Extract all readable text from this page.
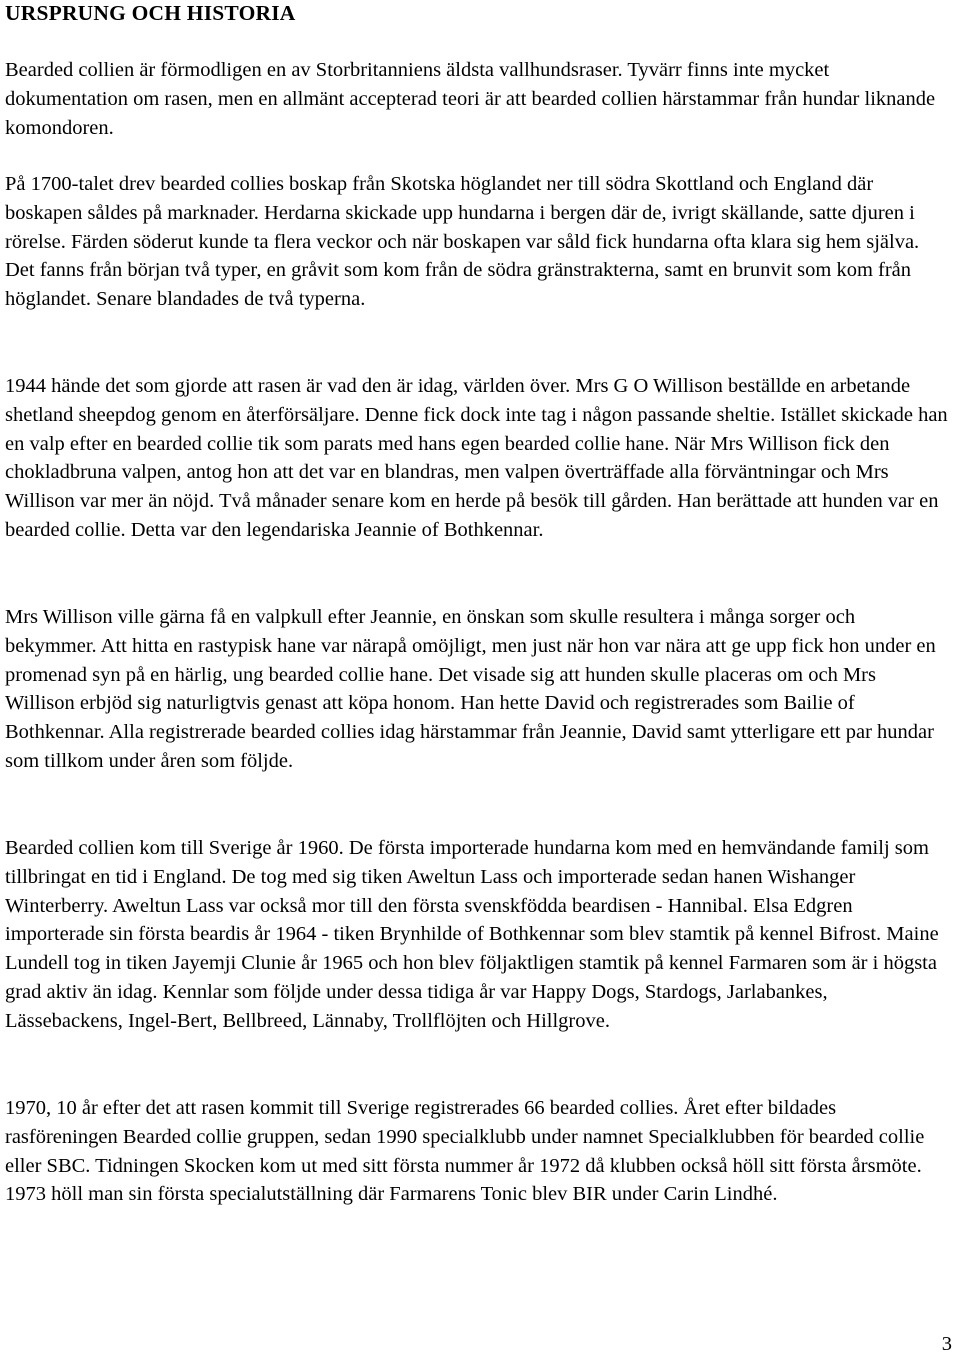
URSPRUNG OCH HISTORIA

Bearded collien är förmodligen en av Storbritanniens äldsta vallhundsraser. Tyvärr finns inte mycket dokumentation om rasen, men en allmänt accepterad teori är att bearded collien härstammar från hundar liknande komondoren.

På 1700-talet drev bearded collies boskap från Skotska höglandet ner till södra Skottland och England där boskapen såldes på marknader. Herdarna skickade upp hundarna i bergen där de, ivrigt skällande, satte djuren i rörelse. Färden söderut kunde ta flera veckor och när boskapen var såld fick hundarna ofta klara sig hem själva. Det fanns från början två typer, en gråvit som kom från de södra gränstrakterna, samt en brunvit som kom från höglandet. Senare blandades de två typerna.

1944 hände det som gjorde att rasen är vad den är idag, världen över. Mrs G O Willison beställde en arbetande shetland sheepdog genom en återförsäljare. Denne fick dock inte tag i någon passande sheltie. Istället skickade han en valp efter en bearded collie tik som parats med hans egen bearded collie hane. När Mrs Willison fick den chokladbruna valpen, antog hon att det var en blandras, men valpen överträffade alla förväntningar och Mrs Willison var mer än nöjd. Två månader senare kom en herde på besök till gården. Han berättade att hunden var en bearded collie. Detta var den legendariska Jeannie of Bothkennar.

Mrs Willison ville gärna få en valpkull efter Jeannie, en önskan som skulle resultera i många sorger och bekymmer. Att hitta en rastypisk hane var närapå omöjligt, men just när hon var nära att ge upp fick hon under en promenad syn på en härlig, ung bearded collie hane. Det visade sig att hunden skulle placeras om och Mrs Willison erbjöd sig naturligtvis genast att köpa honom. Han hette David och registrerades som Bailie of Bothkennar. Alla registrerade bearded collies idag härstammar från Jeannie, David samt ytterligare ett par hundar som tillkom under åren som följde.

Bearded collien kom till Sverige år 1960. De första importerade hundarna kom med en hemvändande familj som tillbringat en tid i England. De tog med sig tiken Aweltun Lass och importerade sedan hanen Wishanger Winterberry. Aweltun Lass var också mor till den första svenskfödda beardisen - Hannibal. Elsa Edgren importerade sin första beardis år 1964 - tiken Brynhilde of Bothkennar som blev stamtik på kennel Bifrost. Maine Lundell tog in tiken Jayemji Clunie år 1965 och hon blev följaktligen stamtik på kennel Farmaren som är i högsta grad aktiv än idag. Kennlar som följde under dessa tidiga år var Happy Dogs, Stardogs, Jarlabankes, Lässebackens, Ingel-Bert, Bellbreed, Lännaby, Trollflöjten och Hillgrove.

1970, 10 år efter det att rasen kommit till Sverige registrerades 66 bearded collies. Året efter bildades rasföreningen Bearded collie gruppen, sedan 1990 specialklubb under namnet Specialklubben för bearded collie eller SBC. Tidningen Skocken kom ut med sitt första nummer år 1972 då klubben också höll sitt första årsmöte. 1973 höll man sin första specialutställning där Farmarens Tonic blev BIR under Carin Lindhé.

3
